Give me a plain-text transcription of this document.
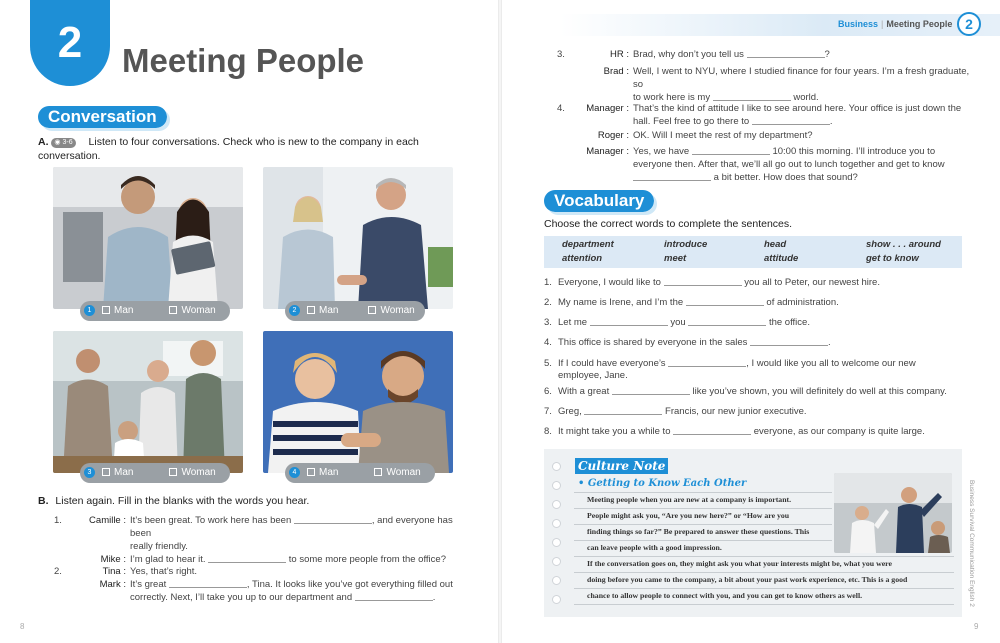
2	Meeting People
Conversation
A. ◉ 3-6 Listen to four conversations. Check who is new to the company in each conversation.
1 Man	Woman	2 Man	Woman
3 Man	Woman	4 Man	Woman
B. Listen again. Fill in the blanks with the words you hear.
1.	Camille : It’s been great. To work here has been	, and everyone has been
really friendly.
Mike : I’m glad to hear it.	to some more people from the office?
2.	Tina : Yes, that’s right.
Mark : It’s great	, Tina. It looks like you’ve got everything filled out
correctly. Next, I’ll take you up to our department and	.
8
Business | Meeting People 2
3.	HR : Brad, why don’t you tell us	?
Brad : Well, I went to NYU, where I studied finance for four years. I’m a fresh graduate, so
to work here is my	world.
4.	Manager : That’s the kind of attitude I like to see around here. Your office is just down the
hall. Feel free to go there to	.
Roger : OK. Will I meet the rest of my department?
Manager : Yes, we have	10:00 this morning. I’ll introduce you to
everyone then. After that, we’ll all go out to lunch together and get to know
a bit better. How does that sound?
Vocabulary
Choose the correct words to complete the sentences.
department	introduce	head	show . . . around
attention	meet	attitude	get to know
1. Everyone, I would like to	you all to Peter, our newest hire.
2. My name is Irene, and I’m the	of administration.
3. Let me	you	the office.
4. This office is shared by everyone in the sales	.
5. If I could have everyone’s	, I would like you all to welcome our new
employee, Jane.
6. With a great	like you’ve shown, you will definitely do well at this company.
7. Greg,	Francis, our new junior executive.
8. It might take you a while to	everyone, as our company is quite large.
Culture Note
• Getting to Know Each Other
Meeting people when you are new at a company is important.
People might ask you, “Are you new here?” or “How are you
finding things so far?” Be prepared to answer these questions. This
can leave people with a good impression.
If the conversation goes on, they might ask you what your interests might be, what you were
doing before you came to the company, a bit about your past work experience, etc. This is a good
chance to allow people to connect with you, and you can get to know others as well.	Business Survival Communication English 2
9
